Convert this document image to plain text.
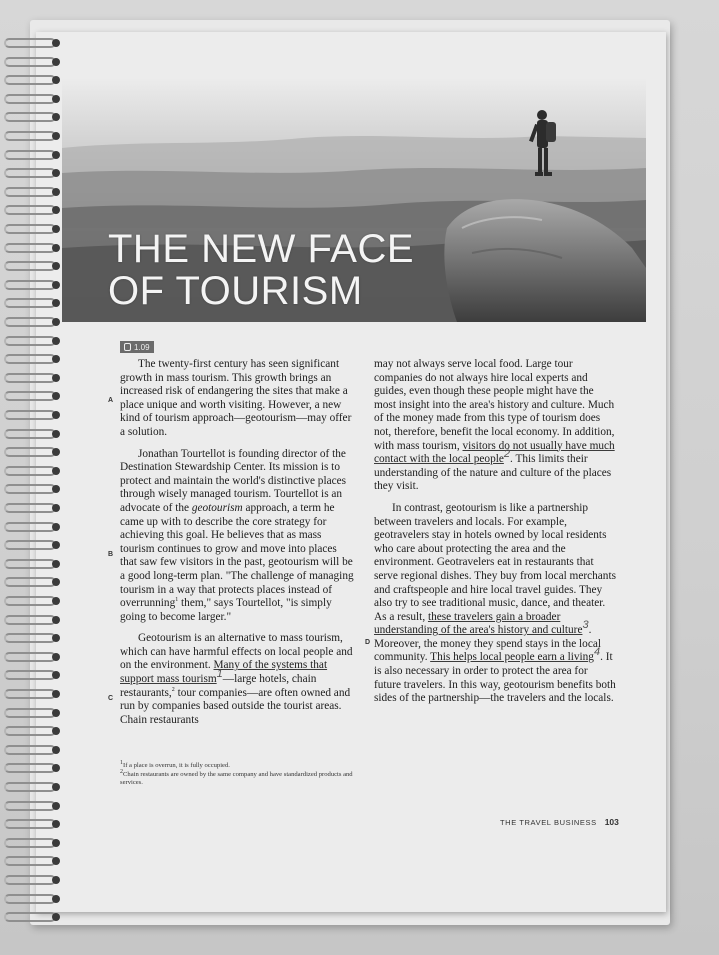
THE NEW FACE
OF TOURISM
1.09
A
B
C
D

The twenty-first century has seen significant growth in mass tourism. This growth brings an increased risk of endangering the sites that make a place unique and worth visiting. However, a new kind of tourism approach—geotourism—may offer a solution.

Jonathan Tourtellot is founding director of the Destination Stewardship Center. Its mission is to protect and maintain the world's distinctive places through wisely managed tourism. Tourtellot is an advocate of the geotourism approach, a term he came up with to describe the core strategy for achieving this goal. He believes that as mass tourism continues to grow and move into places that saw few visitors in the past, geotourism will be a good long-term plan. "The challenge of managing tourism in a way that protects places instead of overrunning$^1$ them," says Tourtellot, "is simply going to become larger."

Geotourism is an alternative to mass tourism, which can have harmful effects on local people and on the environment. Many of the systems that support mass tourism$^1$—large hotels, chain restaurants,$^2$ tour companies—are often owned and run by companies based outside the tourist areas. Chain restaurants

may not always serve local food. Large tour companies do not always hire local experts and guides, even though these people might have the most insight into the area's history and culture. Much of the money made from this type of tourism does not, therefore, benefit the local economy. In addition, with mass tourism, visitors do not usually have much contact with the local people$^2$. This limits their understanding of the nature and culture of the places they visit.

In contrast, geotourism is like a partnership between travelers and locals. For example, geotravelers stay in hotels owned by local residents who care about protecting the area and the environment. Geotravelers eat in restaurants that serve regional dishes. They buy from local merchants and craftspeople and hire local travel guides. They also try to see traditional music, dance, and theater. As a result, these travelers gain a broader understanding of the area's history and culture$^3$. Moreover, the money they spend stays in the local community. This helps local people earn a living$^4$. It is also necessary in order to protect the area for future travelers. In this way, geotourism benefits both sides of the partnership—the travelers and the locals.

$^1$If a place is overrun, it is fully occupied.
$^2$Chain restaurants are owned by the same company and have standardized products and services.
THE TRAVEL BUSINESS 103
